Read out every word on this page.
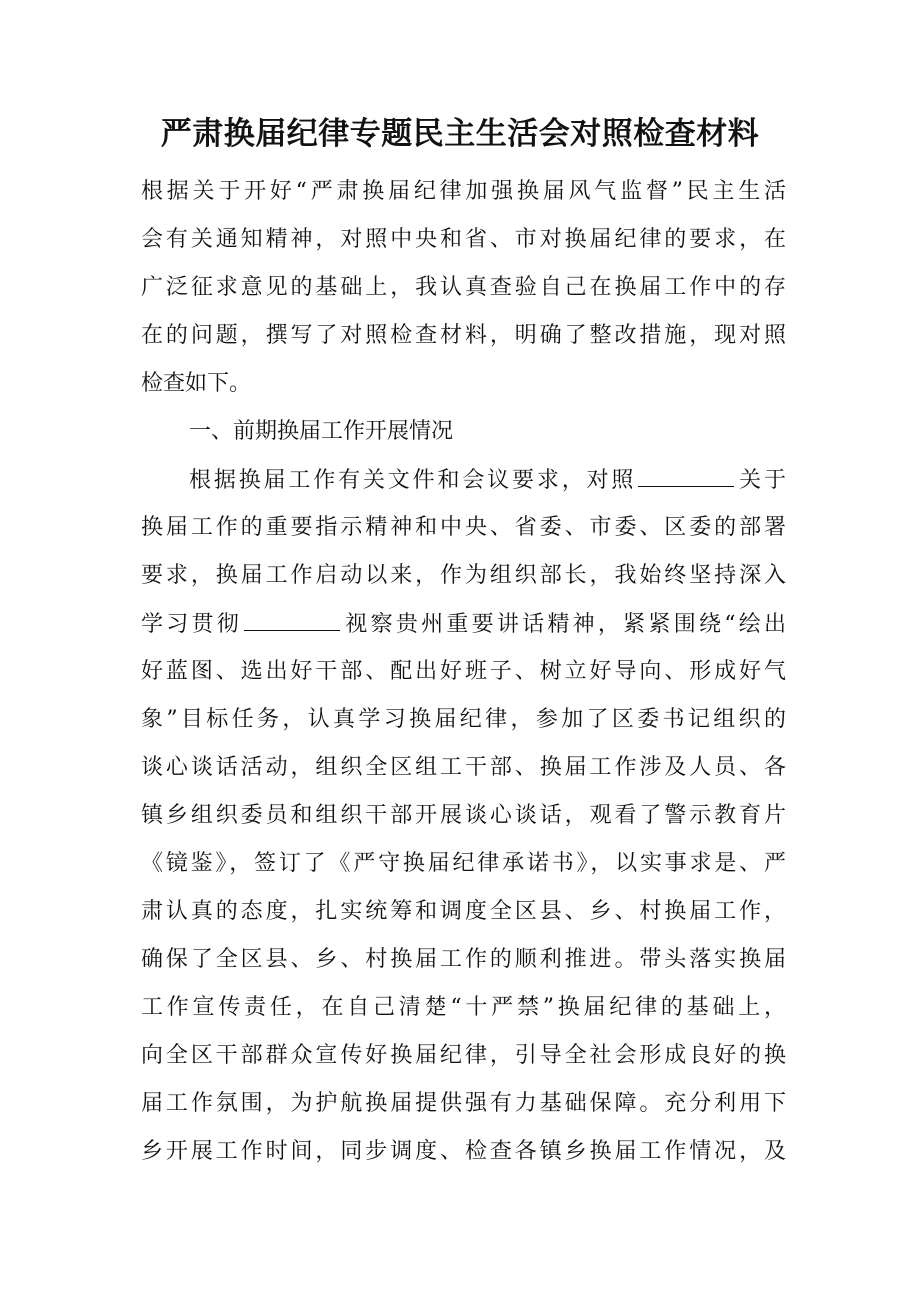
严肃换届纪律专题民主生活会对照检查材料
根据关于开好“严肃换届纪律加强换届风气监督”民主生活
会有关通知精神，对照中央和省、市对换届纪律的要求，在
广泛征求意见的基础上，我认真查验自己在换届工作中的存
在的问题，撰写了对照检查材料，明确了整改措施，现对照
检查如下。
一、前期换届工作开展情况
根据换届工作有关文件和会议要求，对照	关于
换届工作的重要指示精神和中央、省委、市委、区委的部署
要求，换届工作启动以来，作为组织部长，我始终坚持深入
学习贯彻	视察贵州重要讲话精神，紧紧围绕“绘出
好蓝图、选出好干部、配出好班子、树立好导向、形成好气
象”目标任务，认真学习换届纪律，参加了区委书记组织的
谈心谈话活动，组织全区组工干部、换届工作涉及人员、各
镇乡组织委员和组织干部开展谈心谈话，观看了警示教育片
《镜鉴》，签订了《严守换届纪律承诺书》，以实事求是、严
肃认真的态度，扎实统筹和调度全区县、乡、村换届工作，
确保了全区县、乡、村换届工作的顺利推进。带头落实换届
工作宣传责任，在自己清楚“十严禁”换届纪律的基础上，
向全区干部群众宣传好换届纪律，引导全社会形成良好的换
届工作氛围，为护航换届提供强有力基础保障。充分利用下
乡开展工作时间，同步调度、检查各镇乡换届工作情况，及
